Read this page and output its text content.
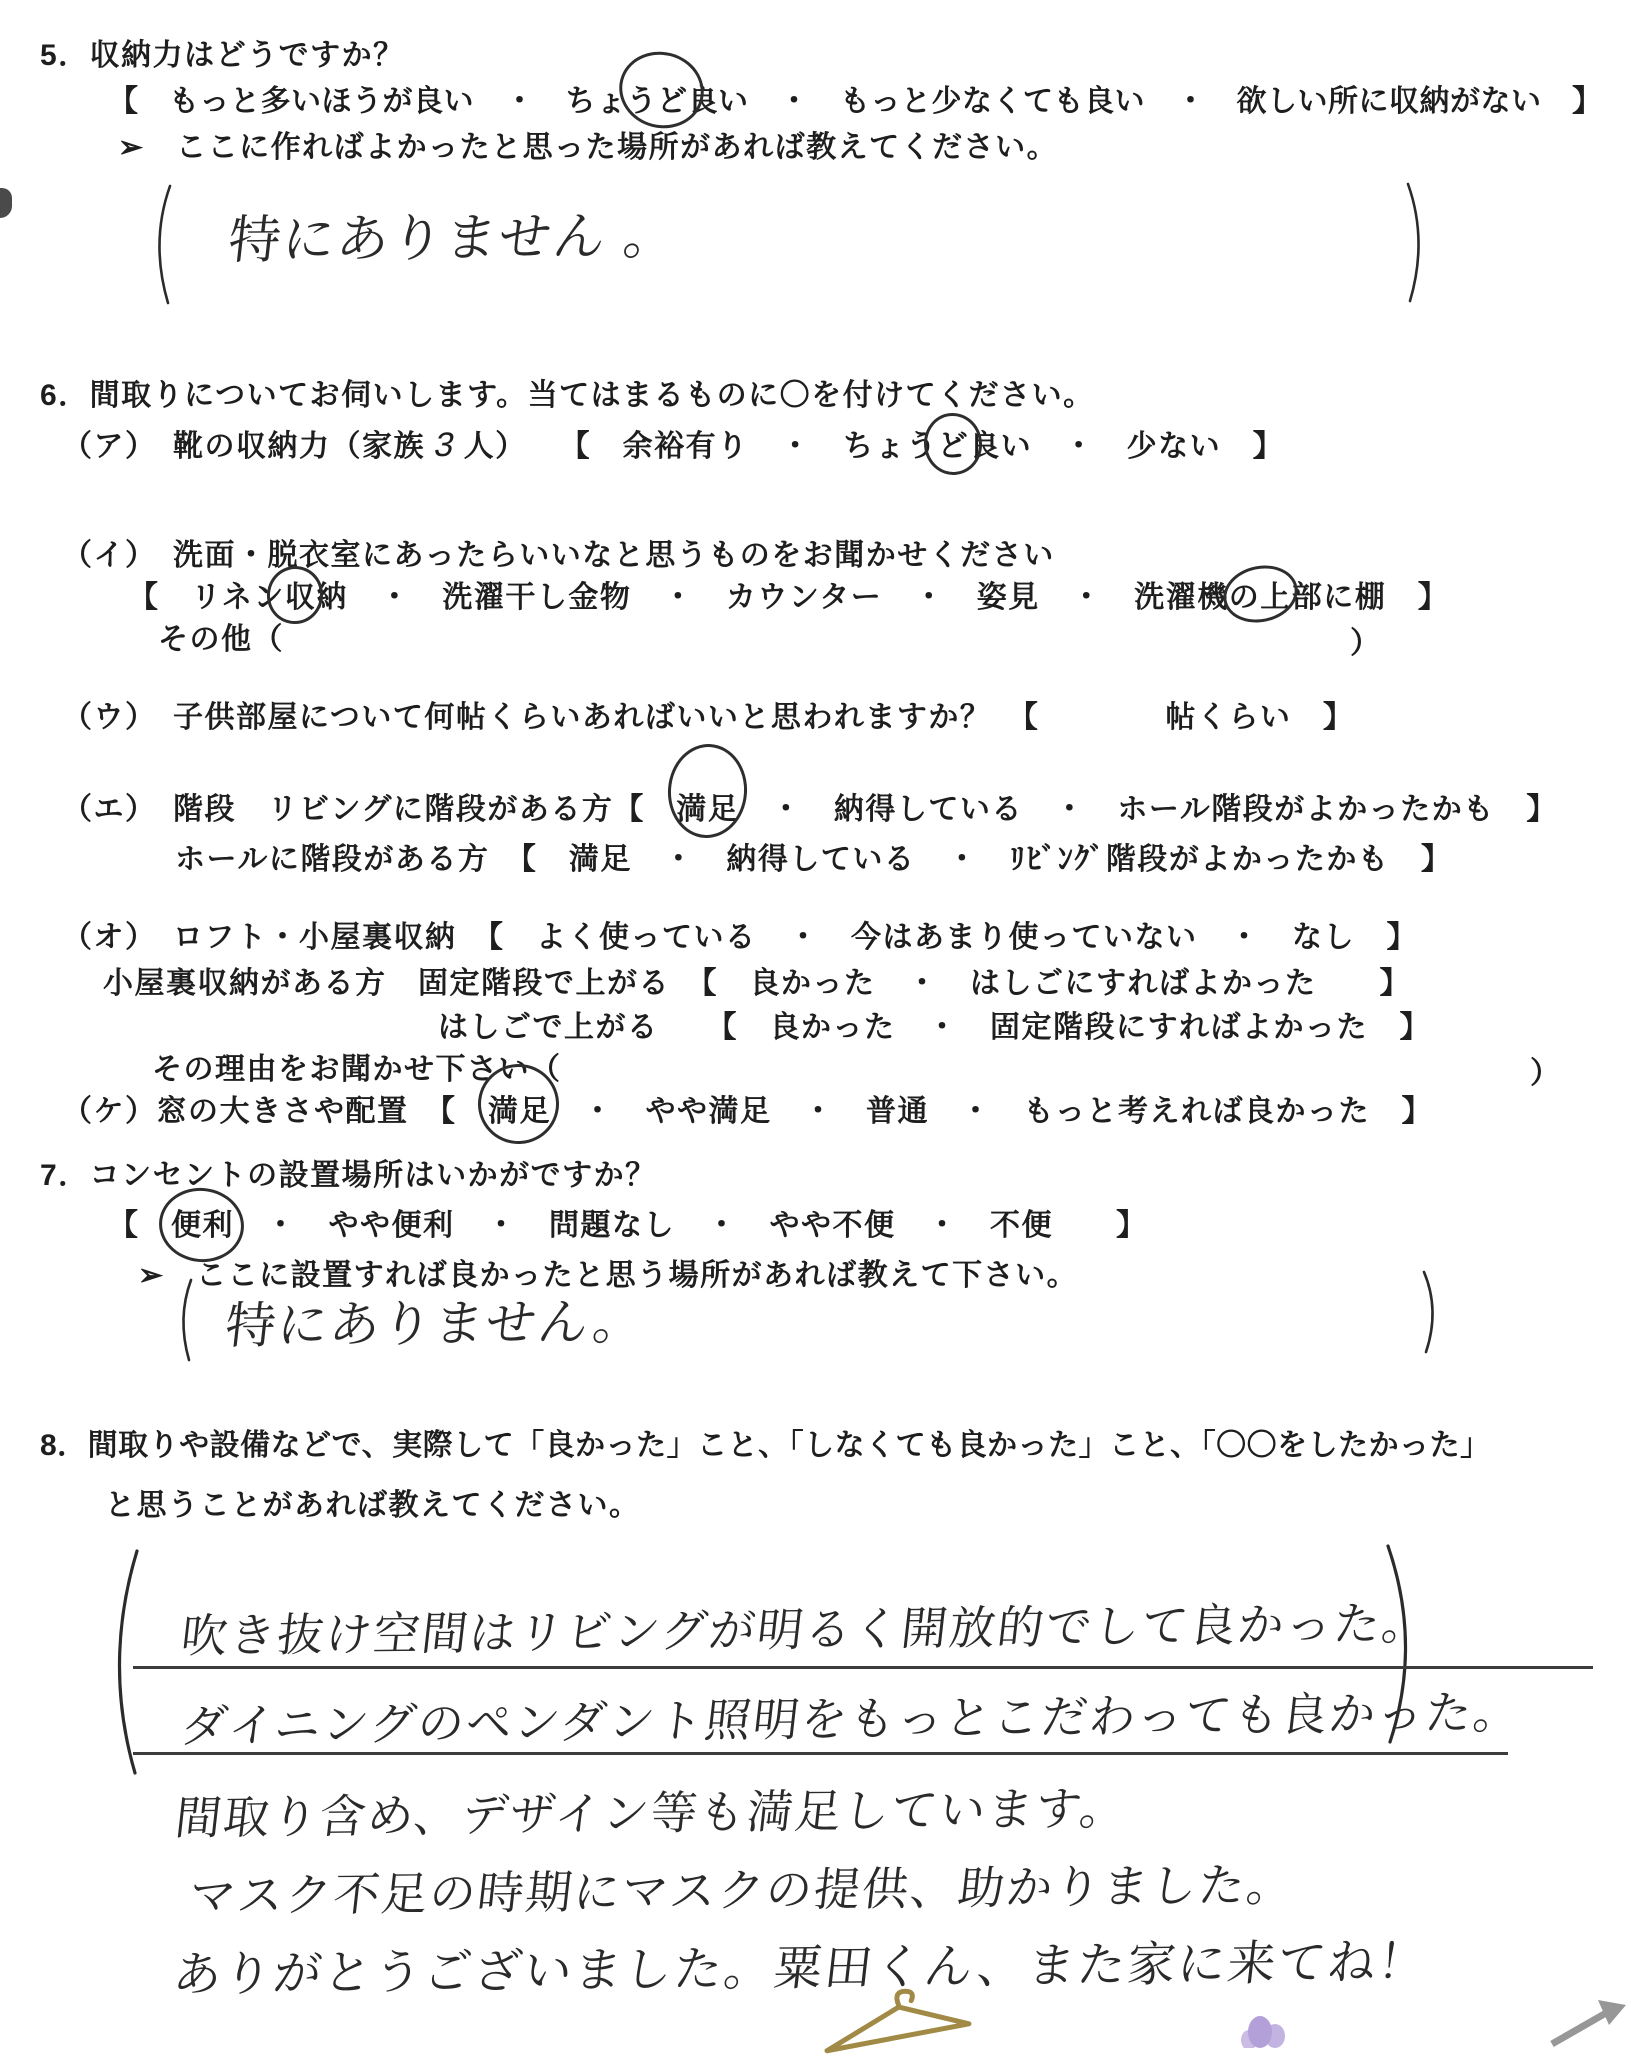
5．収納力はどうですか？
【　もっと多いほうが良い　・　ちょうど良い　・　もっと少なくても良い　・　欲しい所に収納がない　】
➢　ここに作ればよかったと思った場所があれば教えてください。
特にありません 。
6．間取りについてお伺いします。当てはまるものに〇を付けてください。
（ア）　靴の収納力（家族 3 人）　　【　余裕有り　・　ちょうど良い　・　少ない　】
（イ）　洗面・脱衣室にあったらいいなと思うものをお聞かせください
【　リネン収納　・　洗濯干し金物　・　カウンター　・　姿見　・　洗濯機の上部に棚　】
その他（	）
（ウ）　子供部屋について何帖くらいあればいいと思われますか？　【　　　　帖くらい　】
（エ）　階段　リビングに階段がある方【　満足　・　納得している　・　ホール階段がよかったかも　】
ホールに階段がある方　【　満足　・　納得している　・　ﾘﾋﾞﾝｸﾞ階段がよかったかも　】
（オ）　ロフト・小屋裏収納　【　よく使っている　・　今はあまり使っていない　・　なし　】
小屋裏収納がある方　固定階段で上がる　【　良かった　・　はしごにすればよかった　　】
はしごで上がる　　【　良かった　・　固定階段にすればよかった　】
その理由をお聞かせ下さい（	）
（ケ）窓の大きさや配置　【　満足　・　やや満足　・　普通　・　もっと考えれば良かった　】
7．コンセントの設置場所はいかがですか？
【　便利　・　やや便利　・　問題なし　・　やや不便　・　不便　　】
➢　ここに設置すれば良かったと思う場所があれば教えて下さい。
特にありません。
8．間取りや設備などで、実際して「良かった」こと、「しなくても良かった」こと、「〇〇をしたかった」
と思うことがあれば教えてください。
吹き抜け空間はリビングが明るく開放的でして良かった。
ダイニングのペンダント照明をもっとこだわっても良かった。
間取り含め、デザイン等も満足しています。
マスク不足の時期にマスクの提供、助かりました。
ありがとうございました。粟田くん、また家に来てね！
